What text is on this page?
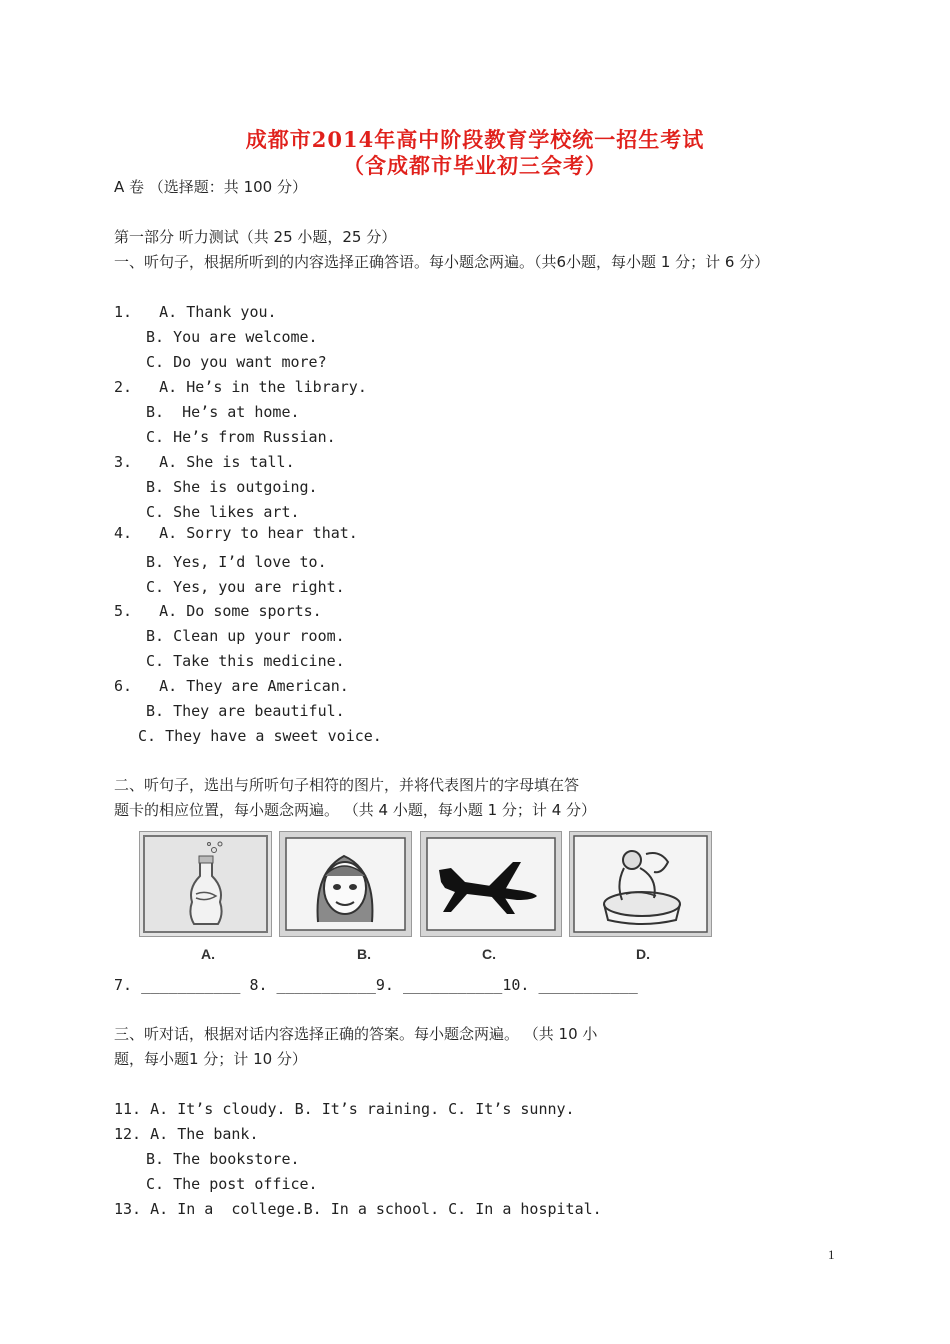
成都市2014年高中阶段教育学校统一招生考试
（含成都市毕业初三会考）
A 卷 （选择题：共 100 分）
第一部分 听力测试（共 25 小题，25 分）
一、听句子，根据所听到的内容选择正确答语。每小题念两遍。（共6小题，每小题 1 分；计 6 分）
1.   A. Thank you.
B. You are welcome.
C. Do you want more?
2.   A. He’s in the library.
B.  He’s at home.
C. He’s from Russian.
3.   A. She is tall.
B. She is outgoing.
C. She likes art.
4.   A. Sorry to hear that.
B. Yes, I’d love to.
C. Yes, you are right.
5.   A. Do some sports.
B. Clean up your room.
C. Take this medicine.
6.   A. They are American.
B. They are beautiful.
C. They have a sweet voice.
二、听句子，选出与所听句子相符的图片，并将代表图片的字母填在答
题卡的相应位置，每小题念两遍。 （共 4 小题，每小题 1 分；计 4 分）
A.	B.	C.	D.
7. ___________ 8. ___________9. ___________10. ___________
三、听对话，根据对话内容选择正确的答案。每小题念两遍。 （共 10 小
题，每小题1 分；计 10 分）
11. A. It’s cloudy. B. It’s raining. C. It’s sunny.
12. A. The bank.
B. The bookstore.
C. The post office.
13. A. In a  college.B. In a school. C. In a hospital.
1
